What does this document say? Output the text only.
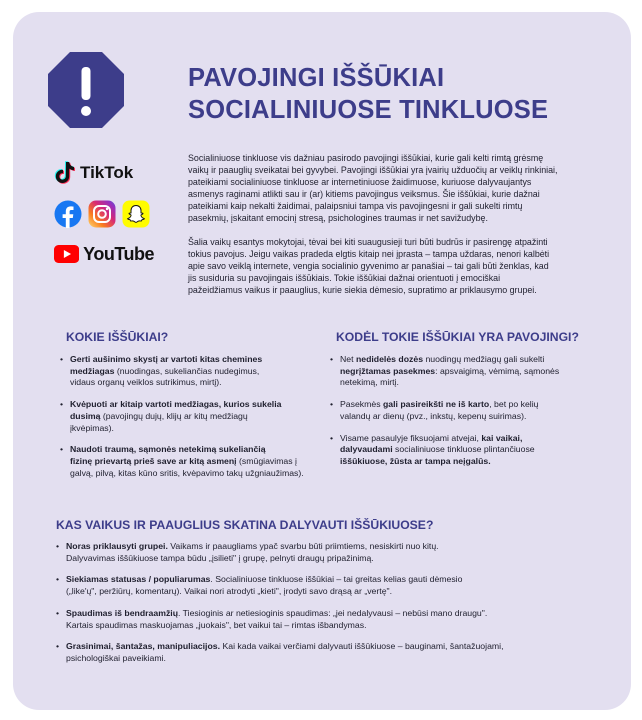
PAVOJINGI IŠŠŪKIAI
SOCIALINIUOSE TINKLUOSE
TikTok
YouTube

Socialiniuose tinkluose vis dažniau pasirodo pavojingi iššūkiai, kurie gali kelti rimtą grėsmę
vaikų ir paauglių sveikatai bei gyvybei. Pavojingi iššūkiai yra įvairių užduočių ar veiklų rinkiniai,
pateikiami socialiniuose tinkluose ar internetiniuose žaidimuose, kuriuose dalyvaujantys
asmenys raginami atlikti sau ir (ar) kitiems pavojingus veiksmus. Šie iššūkiai, kurie dažnai
pateikiami kaip nekalti žaidimai, palaipsniui tampa vis pavojingesni ir gali sukelti rimtų
pasekmių, įskaitant emocinį stresą, psichologines traumas ir net savižudybę.

Šalia vaikų esantys mokytojai, tėvai bei kiti suaugusieji turi būti budrūs ir pasirengę atpažinti
tokius pavojus. Jeigu vaikas pradeda elgtis kitaip nei įprasta – tampa uždaras, nenori kalbėti
apie savo veiklą internete, vengia socialinio gyvenimo ar panašiai – tai gali būti ženklas, kad
jis susiduria su pavojingais iššūkiais. Tokie iššūkiai dažnai orientuoti į emociškai
pažeidžiamus vaikus ir paauglius, kurie siekia dėmesio, supratimo ar priklausymo grupei.

KOKIE IŠŠŪKIAI?
• Gerti aušinimo skystį ar vartoti kitas chemines
medžiagas (nuodingas, sukeliančias nudegimus,
vidaus organų veiklos sutrikimus, mirtį).
• Kvėpuoti ar kitaip vartoti medžiagas, kurios sukelia
dusimą (pavojingų dujų, klijų ar kitų medžiagų
įkvėpimas).
• Naudoti traumą, sąmonės netekimą sukeliančią
fizinę prievartą prieš save ar kitą asmenį (smūgiavimas į
galvą, pilvą, kitas kūno sritis, kvėpavimo takų užgniaužimas).
KODĖL TOKIE IŠŠŪKIAI YRA PAVOJINGI?
• Net nedidelės dozės nuodingų medžiagų gali sukelti
negrįžtamas pasekmes: apsvaigimą, vėmimą, sąmonės
netekimą, mirtį.
• Pasekmės gali pasireikšti ne iš karto, bet po kelių
valandų ar dienų (pvz., inkstų, kepenų suirimas).
• Visame pasaulyje fiksuojami atvejai, kai vaikai,
dalyvaudami socialiniuose tinkluose plintančiuose
iššūkiuose, žūsta ar tampa neįgalūs.
KAS VAIKUS IR PAAUGLIUS SKATINA DALYVAUTI IŠŠŪKIUOSE?
• Noras priklausyti grupei. Vaikams ir paaugliams ypač svarbu būti priimtiems, nesiskirti nuo kitų.
Dalyvavimas iššūkiuose tampa būdu „įsilieti" į grupę, pelnyti draugų pripažinimą.
• Siekiamas statusas / populiarumas. Socialiniuose tinkluose iššūkiai – tai greitas kelias gauti dėmesio
(„like'ų", peržiūrų, komentarų). Vaikai nori atrodyti „kieti", įrodyti savo drąsą ar „vertę".
• Spaudimas iš bendraamžių. Tiesioginis ar netiesioginis spaudimas: „jei nedalyvausi – nebūsi mano draugu".
Kartais spaudimas maskuojamas „juokais", bet vaikui tai – rimtas išbandymas.
• Grasinimai, šantažas, manipuliacijos. Kai kada vaikai verčiami dalyvauti iššūkiuose – bauginami, šantažuojami,
psichologiškai paveikiami.
